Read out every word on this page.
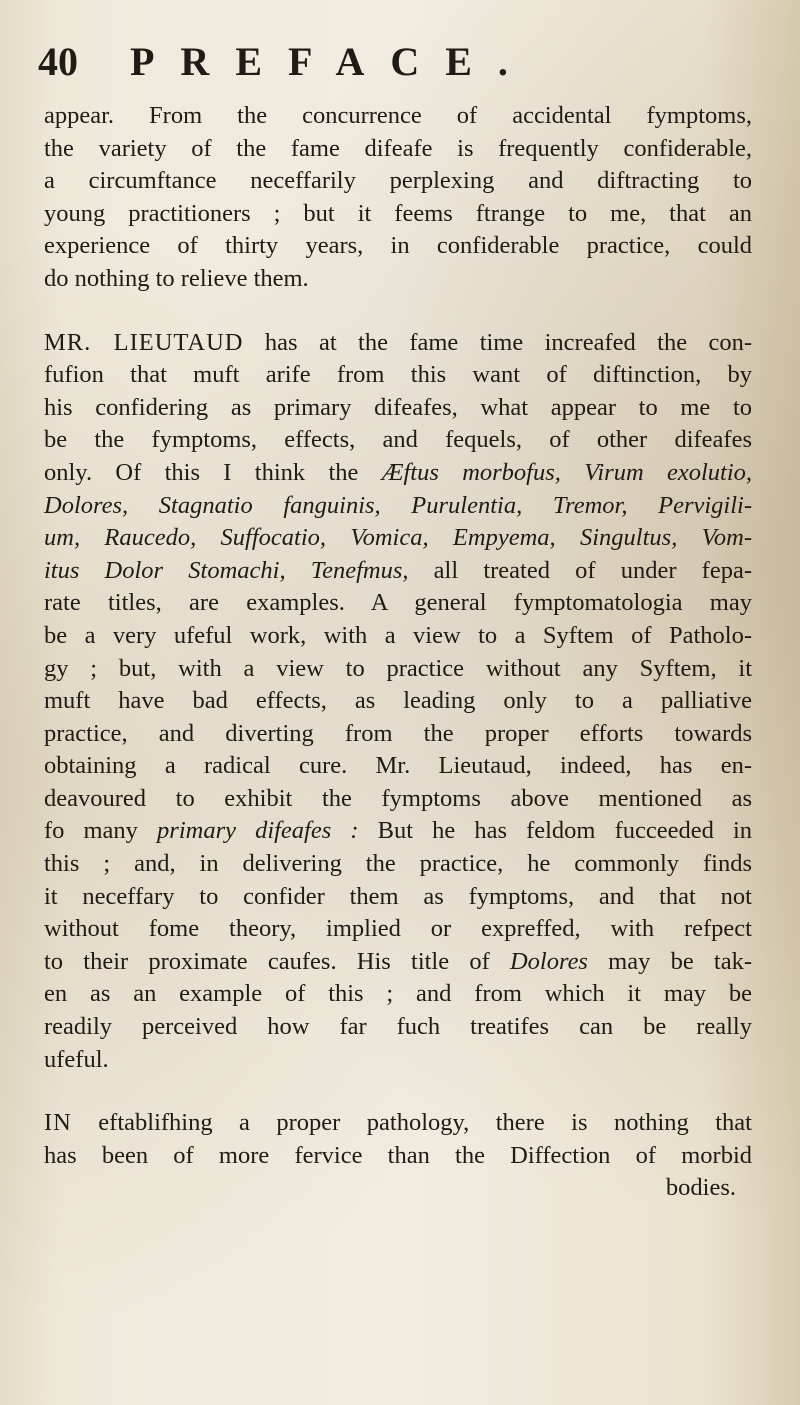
40 PREFACE.
appear. From the concurrence of accidental fymptoms,
the variety of the fame difeafe is frequently confiderable,
a circumftance neceffarily perplexing and diftracting to
young practitioners ; but it feems ftrange to me, that an
experience of thirty years, in confiderable practice, could
do nothing to relieve them.
MR. LIEUTAUD has at the fame time increafed the con-
fufion that muft arife from this want of diftinction, by
his confidering as primary difeafes, what appear to me to
be the fymptoms, effects, and fequels, of other difeafes
only. Of this I think the Æftus morbofus, Virum exolutio,
Dolores, Stagnatio fanguinis, Purulentia, Tremor, Pervigili-
um, Raucedo, Suffocatio, Vomica, Empyema, Singultus, Vom-
itus Dolor Stomachi, Tenefmus, all treated of under fepa-
rate titles, are examples. A general fymptomatologia may
be a very ufeful work, with a view to a Syftem of Patholo-
gy ; but, with a view to practice without any Syftem, it
muft have bad effects, as leading only to a palliative
practice, and diverting from the proper efforts towards
obtaining a radical cure. Mr. Lieutaud, indeed, has en-
deavoured to exhibit the fymptoms above mentioned as
fo many primary difeafes : But he has feldom fucceeded in
this ; and, in delivering the practice, he commonly finds
it neceffary to confider them as fymptoms, and that not
without fome theory, implied or expreffed, with refpect
to their proximate caufes. His title of Dolores may be tak-
en as an example of this ; and from which it may be
readily perceived how far fuch treatifes can be really
ufeful.
IN eftablifhing a proper pathology, there is nothing that
has been of more fervice than the Diffection of morbid
bodies.
